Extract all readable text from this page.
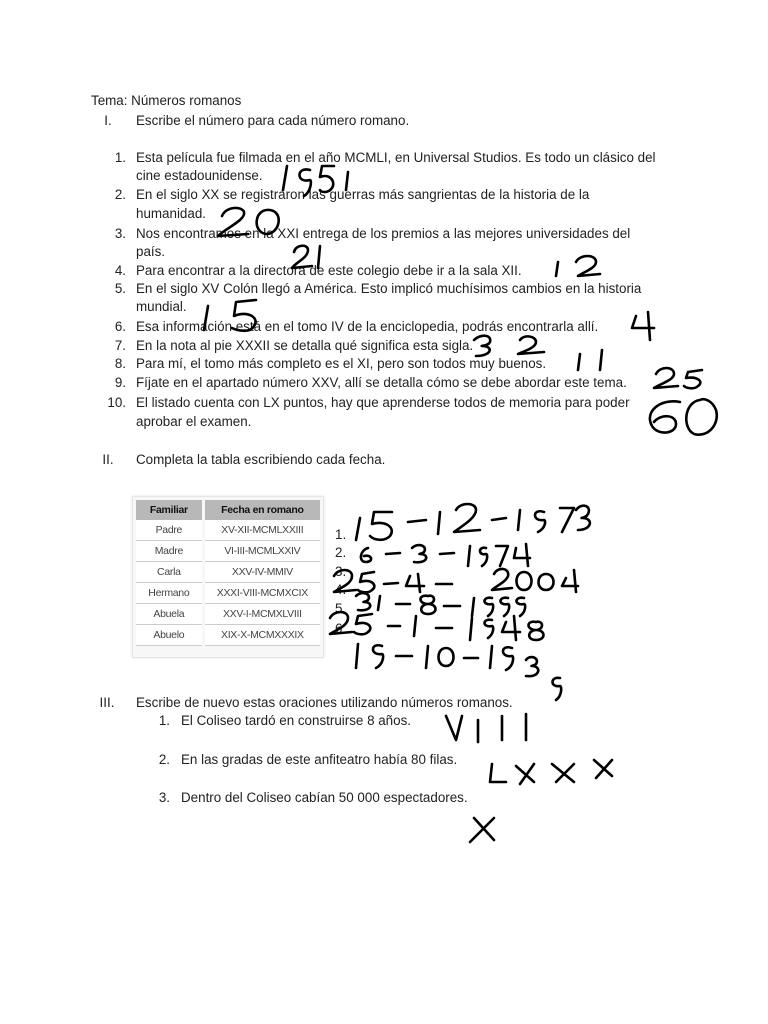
Tema: Números romanos
I.	Escribe el número para cada número romano.
1. Esta película fue filmada en el año MCMLI, en Universal Studios. Es todo un clásico del
cine estadounidense.
2. En el siglo XX se registraron las guerras más sangrientas de la historia de la
humanidad.
3. Nos encontramos en la XXI entrega de los premios a las mejores universidades del
país.
4. Para encontrar a la directora de este colegio debe ir a la sala XII.
5. En el siglo XV Colón llegó a América. Esto implicó muchísimos cambios en la historia
mundial.
6. Esa información está en el tomo IV de la enciclopedia, podrás encontrarla allí.
7. En la nota al pie XXXII se detalla qué significa esta sigla.
8. Para mí, el tomo más completo es el XI, pero son todos muy buenos.
9. Fíjate en el apartado número XXV, allí se detalla cómo se debe abordar este tema.
10. El listado cuenta con LX puntos, hay que aprenderse todos de memoria para poder
aprobar el examen.
II.	Completa la tabla escribiendo cada fecha.
Familiar	Fecha en romano
Padre	XV-XII-MCMLXXIII
Madre	VI-III-MCMLXXIV
Carla	XXV-IV-MMIV
Hermano	XXXI-VIII-MCMXCIX
Abuela	XXV-I-MCMXLVIII
Abuelo	XIX-X-MCMXXXIX
1.
2.
3.
4.
5.
6.
III.	Escribe de nuevo estas oraciones utilizando números romanos.
1. El Coliseo tardó en construirse 8 años.
2. En las gradas de este anfiteatro había 80 filas.
3. Dentro del Coliseo cabían 50 000 espectadores.
